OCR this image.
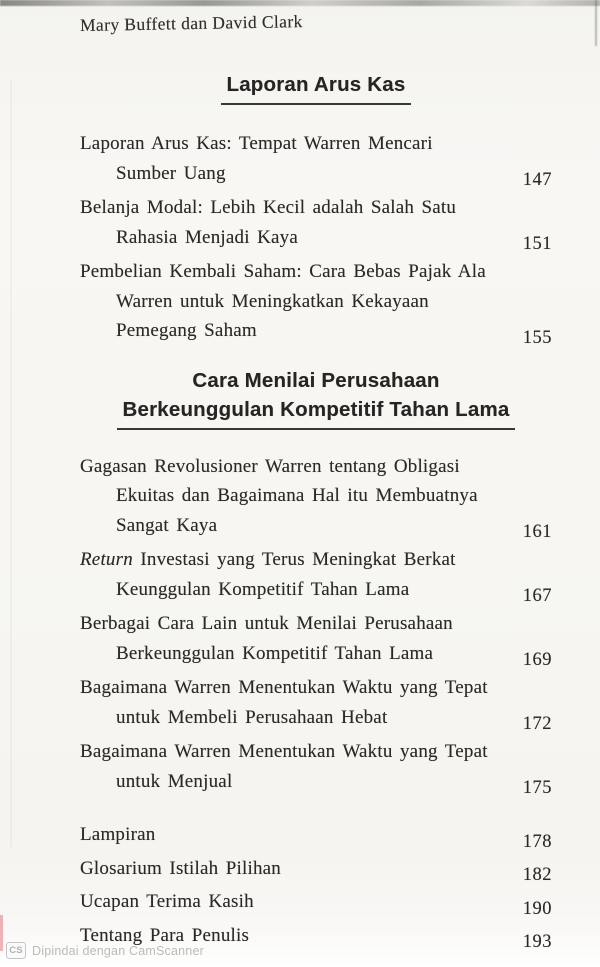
Mary Buffett dan David Clark
Laporan Arus Kas
Laporan Arus Kas: Tempat Warren Mencari
Sumber Uang	147
Belanja Modal: Lebih Kecil adalah Salah Satu
Rahasia Menjadi Kaya	151
Pembelian Kembali Saham: Cara Bebas Pajak Ala
Warren untuk Meningkatkan Kekayaan
Pemegang Saham	155
Cara Menilai Perusahaan
Berkeunggulan Kompetitif Tahan Lama
Gagasan Revolusioner Warren tentang Obligasi
Ekuitas dan Bagaimana Hal itu Membuatnya
Sangat Kaya	161
Return Investasi yang Terus Meningkat Berkat
Keunggulan Kompetitif Tahan Lama	167
Berbagai Cara Lain untuk Menilai Perusahaan
Berkeunggulan Kompetitif Tahan Lama	169
Bagaimana Warren Menentukan Waktu yang Tepat
untuk Membeli Perusahaan Hebat	172
Bagaimana Warren Menentukan Waktu yang Tepat
untuk Menjual	175
Lampiran	178
Glosarium Istilah Pilihan	182
Ucapan Terima Kasih	190
Tentang Para Penulis	193
CS Dipindai dengan CamScanner
